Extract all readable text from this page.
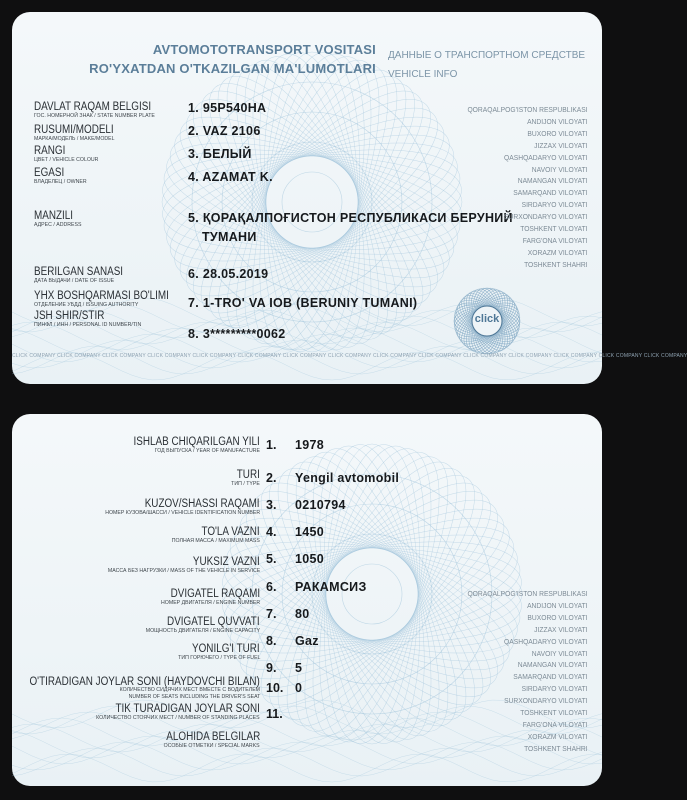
AVTOMOTOTRANSPORT VOSITASI
RO'YXATDAN O'TKAZILGAN MA'LUMOTLARI
ДАННЫЕ О ТРАНСПОРТНОМ СРЕДСТВЕ
VEHICLE INFO
DAVLAT RAQAM BELGISI
ГОС. НОМЕРНОЙ ЗНАК / STATE NUMBER PLATE
RUSUMI/MODELI
МАРКА/МОДЕЛЬ / MAKE/MODEL
RANGI
ЦВЕТ / VEHICLE COLOUR
EGASI
ВЛАДЕЛЕЦ / OWNER
MANZILI
АДРЕС / ADDRESS
BERILGAN SANASI
ДАТА ВЫДАЧИ / DATE OF ISSUE
YHX BOSHQARMASI BO'LIMI
ОТДЕЛЕНИЕ УБДД / ISSUING AUTHORITY
JSH SHIR/STIR
ПИНФЛ / ИНН / PERSONAL ID NUMBER/TIN
1. 95P540HA
2. VAZ 2106
3. БЕЛЫЙ
4. AZAMAT K.
5. ҚОРАҚАЛПОҒИСТОН РЕСПУБЛИКАСИ БЕРУНИЙ
ТУМАНИ
6. 28.05.2019
7. 1-TRO' VA IOB (BERUNIY TUMANI)
8. 3*********0062
QORAQALPOG'ISTON RESPUBLIKASI
ANDIJON VILOYATI
BUXORO VILOYATI
JIZZAX VILOYATI
QASHQADARYO VILOYATI
NAVOIY VILOYATI
NAMANGAN VILOYATI
SAMARQAND VILOYATI
SIRDARYO VILOYATI
SURXONDARYO VILOYATI
TOSHKENT VILOYATI
FARG'ONA VILOYATI
XORAZM VILOYATI
TOSHKENT SHAHRI
click
CLICK COMPANY CLICK COMPANY CLICK COMPANY CLICK COMPANY CLICK COMPANY CLICK COMPANY CLICK COMPANY CLICK COMPANY CLICK COMPANY CLICK COMPANY CLICK COMPANY CLICK COMPANY CLICK COMPANY CLICK COMPANY CLICK COMPANY
ISHLAB CHIQARILGAN YILI
ГОД ВЫПУСКА / YEAR OF MANUFACTURE
TURI
ТИП / TYPE
KUZOV/SHASSI RAQAMI
НОМЕР КУЗОВА/ШАССИ / VEHICLE IDENTIFICATION NUMBER
TO'LA VAZNI
ПОЛНАЯ МАССА / MAXIMUM MASS
YUKSIZ VAZNI
МАССА БЕЗ НАГРУЗКИ / MASS OF THE VEHICLE IN SERVICE
DVIGATEL RAQAMI
НОМЕР ДВИГАТЕЛЯ / ENGINE NUMBER
DVIGATEL QUVVATI
МОЩНОСТЬ ДВИГАТЕЛЯ / ENGINE CAPACITY
YONILG'I TURI
ТИП ГОРЮЧЕГО / TYPE OF FUEL
O'TIRADIGAN JOYLAR SONI (HAYDOVCHI BILAN)
КОЛИЧЕСТВО СИДЯЧИХ МЕСТ ВМЕСТЕ С ВОДИТЕЛЕМ
NUMBER OF SEATS INCLUDING THE DRIVER'S SEAT
TIK TURADIGAN JOYLAR SONI
КОЛИЧЕСТВО СТОЯЧИХ МЕСТ / NUMBER OF STANDING PLACES
ALOHIDA BELGILAR
ОСОБЫЕ ОТМЕТКИ / SPECIAL MARKS
1.
2.
3.
4.
5.
6.
7.
8.
9.
10.
11.
1978
Yengil avtomobil
0210794
1450
1050
РАКАМСИЗ
80
Gaz
5
0
QORAQALPOG'ISTON RESPUBLIKASI
ANDIJON VILOYATI
BUXORO VILOYATI
JIZZAX VILOYATI
QASHQADARYO VILOYATI
NAVOIY VILOYATI
NAMANGAN VILOYATI
SAMARQAND VILOYATI
SIRDARYO VILOYATI
SURXONDARYO VILOYATI
TOSHKENT VILOYATI
FARG'ONA VILOYATI
XORAZM VILOYATI
TOSHKENT SHAHRI
